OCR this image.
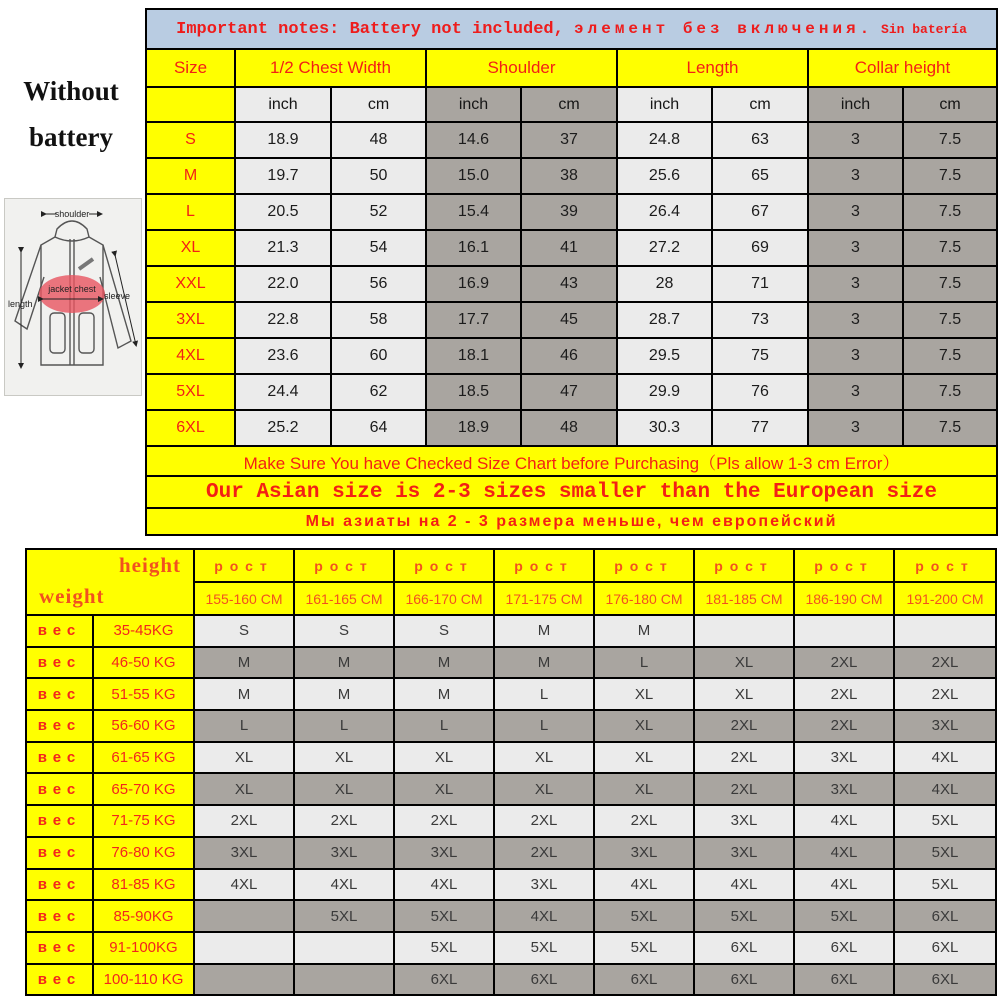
Without
battery
shoulder
length
jacket chest
sleeve
Important notes: Battery not included, элемент без включения. Sin batería								
Size	1/2 Chest Width		Shoulder		Length		Collar height	
	inch	cm	inch	cm	inch	cm	inch	cm
S	18.9	48	14.6	37	24.8	63	3	7.5
M	19.7	50	15.0	38	25.6	65	3	7.5
L	20.5	52	15.4	39	26.4	67	3	7.5
XL	21.3	54	16.1	41	27.2	69	3	7.5
XXL	22.0	56	16.9	43	28	71	3	7.5
3XL	22.8	58	17.7	45	28.7	73	3	7.5
4XL	23.6	60	18.1	46	29.5	75	3	7.5
5XL	24.4	62	18.5	47	29.9	76	3	7.5
6XL	25.2	64	18.9	48	30.3	77	3	7.5
Make Sure You have Checked Size Chart before Purchasing（Pls allow 1-3 cm Error）								
Our Asian size is 2-3 sizes smaller than the European size								
Мы азиаты на 2 - 3 размера меньше, чем европейский								
height
weight		рост	рост	рост	рост	рост	рост	рост	рост
		155-160 CM	161-165 CM	166-170 CM	171-175 CM	176-180 CM	181-185 CM	186-190 CM	191-200 CM
вес	35-45KG	S	S	S	M	M			
вес	46-50 KG	M	M	M	M	L	XL	2XL	2XL
вес	51-55 KG	M	M	M	L	XL	XL	2XL	2XL
вес	56-60 KG	L	L	L	L	XL	2XL	2XL	3XL
вес	61-65 KG	XL	XL	XL	XL	XL	2XL	3XL	4XL
вес	65-70 KG	XL	XL	XL	XL	XL	2XL	3XL	4XL
вес	71-75 KG	2XL	2XL	2XL	2XL	2XL	3XL	4XL	5XL
вес	76-80 KG	3XL	3XL	3XL	2XL	3XL	3XL	4XL	5XL
вес	81-85 KG	4XL	4XL	4XL	3XL	4XL	4XL	4XL	5XL
вес	85-90KG		5XL	5XL	4XL	5XL	5XL	5XL	6XL
вес	91-100KG			5XL	5XL	5XL	6XL	6XL	6XL
вес	100-110 KG			6XL	6XL	6XL	6XL	6XL	6XL
